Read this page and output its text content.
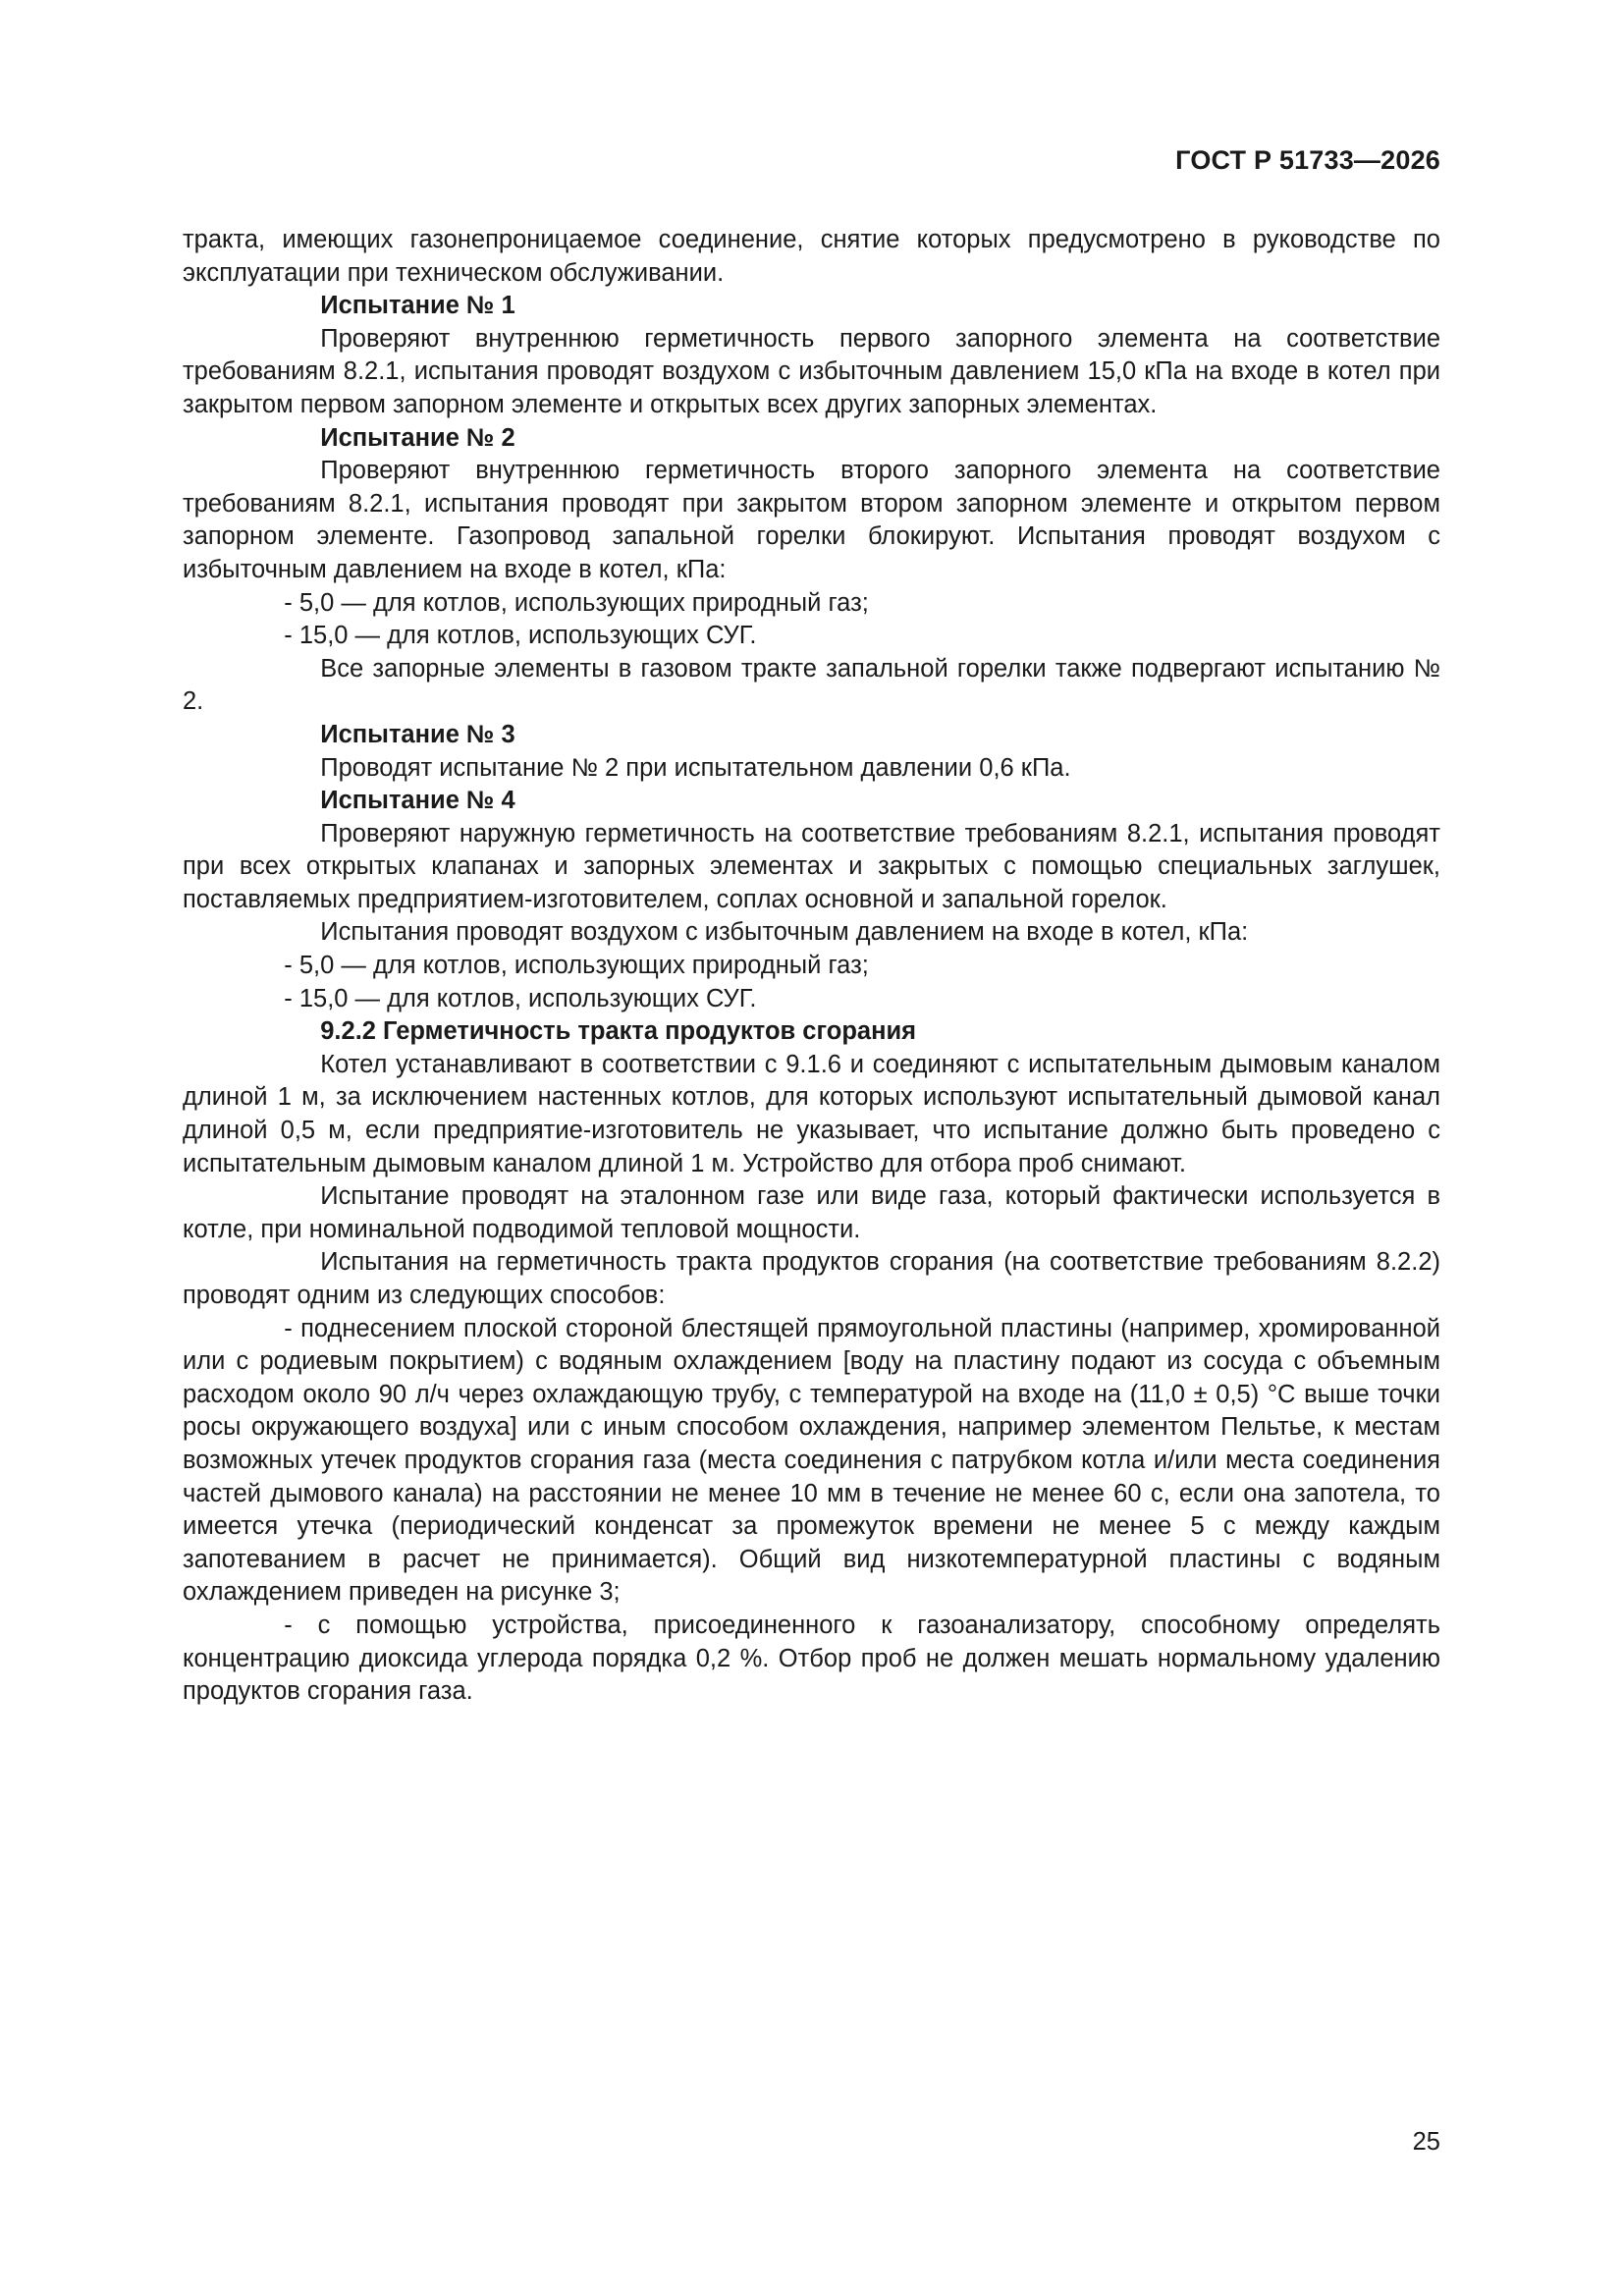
ГОСТ Р 51733—2026

тракта, имеющих газонепроницаемое соединение, снятие которых предусмотрено в руководстве по эксплуатации при техническом обслуживании.

Испытание № 1

Проверяют внутреннюю герметичность первого запорного элемента на соответствие требованиям 8.2.1, испытания проводят воздухом с избыточным давлением 15,0 кПа на входе в котел при закрытом первом запорном элементе и открытых всех других запорных элементах.

Испытание № 2

Проверяют внутреннюю герметичность второго запорного элемента на соответствие требованиям 8.2.1, испытания проводят при закрытом втором запорном элементе и открытом первом запорном элементе. Газопровод запальной горелки блокируют. Испытания проводят воздухом с избыточным давлением на входе в котел, кПа:

- 5,0 — для котлов, использующих природный газ;

- 15,0 — для котлов, использующих СУГ.

Все запорные элементы в газовом тракте запальной горелки также подвергают испытанию № 2.

Испытание № 3

Проводят испытание № 2 при испытательном давлении 0,6 кПа.

Испытание № 4

Проверяют наружную герметичность на соответствие требованиям 8.2.1, испытания проводят при всех открытых клапанах и запорных элементах и закрытых с помощью специальных заглушек, поставляемых предприятием-изготовителем, соплах основной и запальной горелок.

Испытания проводят воздухом с избыточным давлением на входе в котел, кПа:

- 5,0 — для котлов, использующих природный газ;

- 15,0 — для котлов, использующих СУГ.

9.2.2 Герметичность тракта продуктов сгорания

Котел устанавливают в соответствии с 9.1.6 и соединяют с испытательным дымовым каналом длиной 1 м, за исключением настенных котлов, для которых используют испытательный дымовой канал длиной 0,5 м, если предприятие-изготовитель не указывает, что испытание должно быть проведено с испытательным дымовым каналом длиной 1 м. Устройство для отбора проб снимают.

Испытание проводят на эталонном газе или виде газа, который фактически используется в котле, при номинальной подводимой тепловой мощности.

Испытания на герметичность тракта продуктов сгорания (на соответствие требованиям 8.2.2) проводят одним из следующих способов:

- поднесением плоской стороной блестящей прямоугольной пластины (например, хромированной или с родиевым покрытием) с водяным охлаждением [воду на пластину подают из сосуда с объемным расходом около 90 л/ч через охлаждающую трубу, с температурой на входе на (11,0 ± 0,5) °С выше точки росы окружающего воздуха] или с иным способом охлаждения, например элементом Пельтье, к местам возможных утечек продуктов сгорания газа (места соединения с патрубком котла и/или места соединения частей дымового канала) на расстоянии не менее 10 мм в течение не менее 60 с, если она запотела, то имеется утечка (периодический конденсат за промежуток времени не менее 5 с между каждым запотеванием в расчет не принимается). Общий вид низкотемпературной пластины с водяным охлаждением приведен на рисунке 3;

- с помощью устройства, присоединенного к газоанализатору, способному определять концентрацию диоксида углерода порядка 0,2 %. Отбор проб не должен мешать нормальному удалению продуктов сгорания газа.

25
